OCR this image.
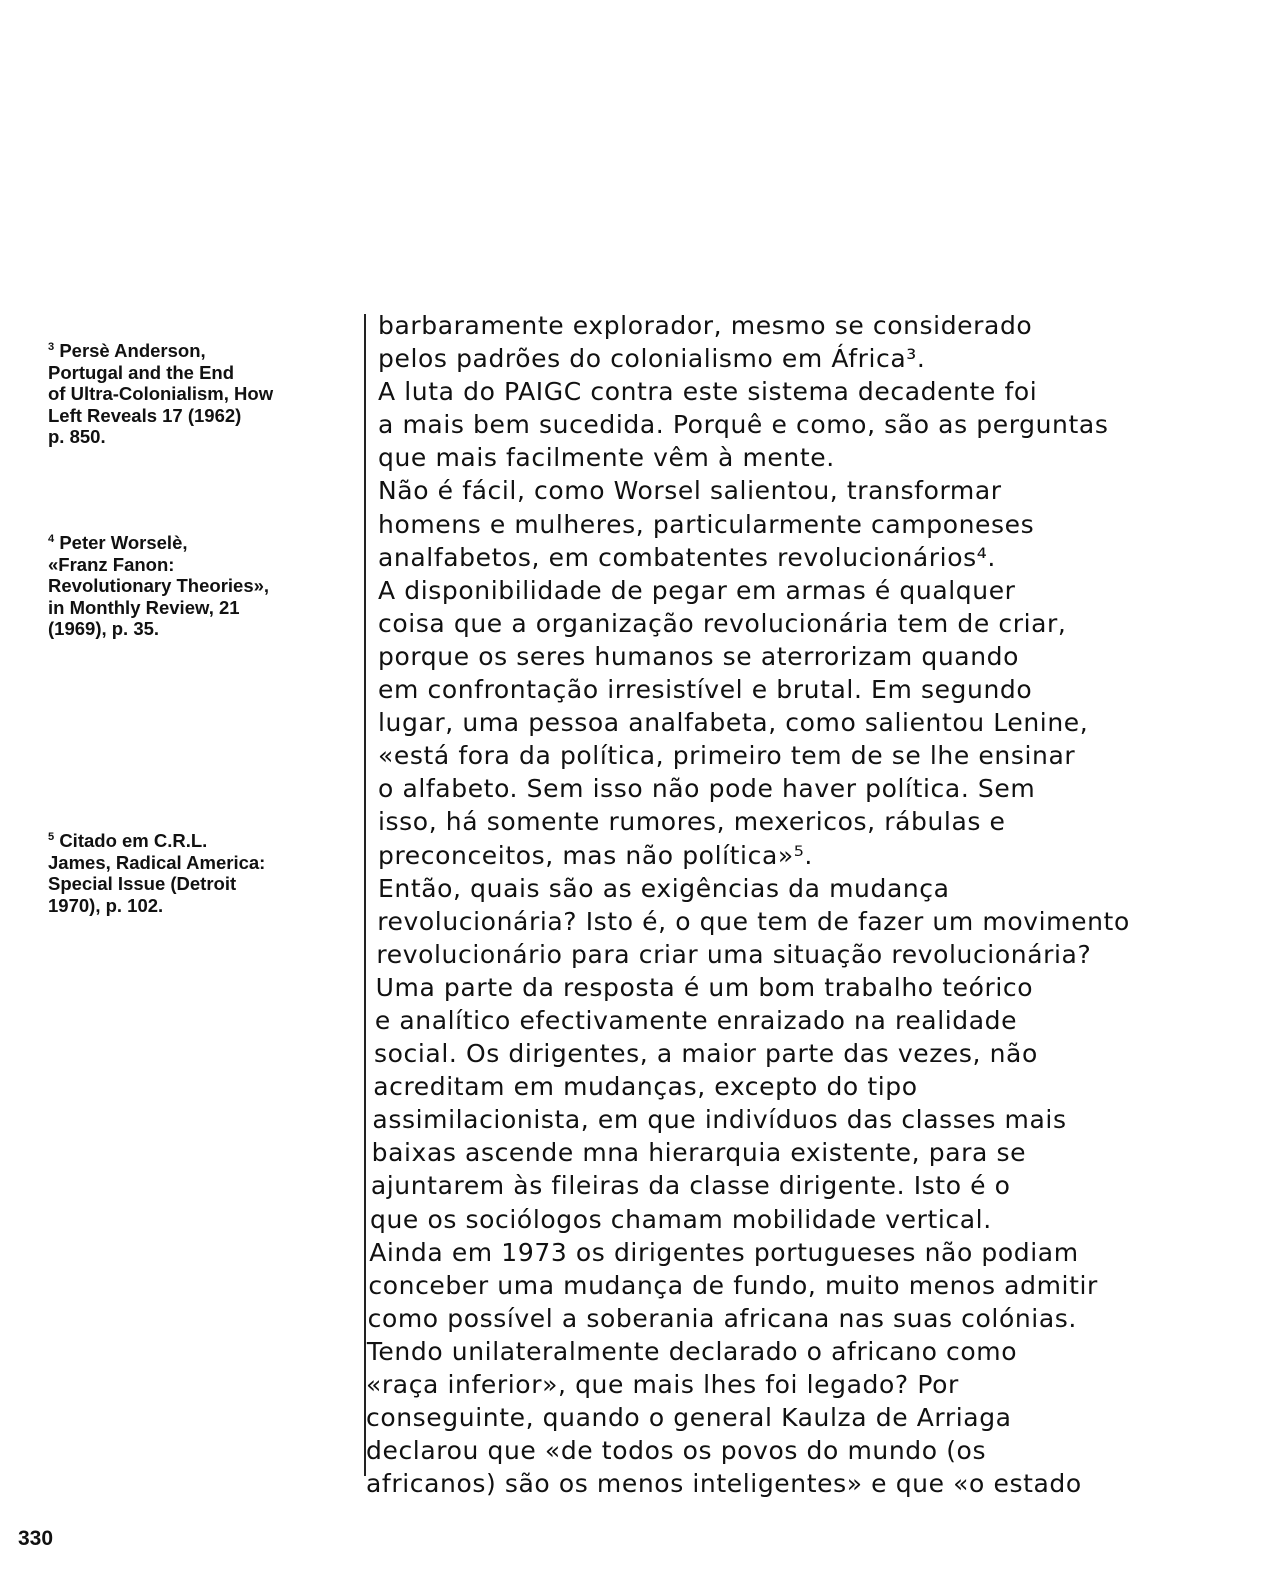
$^3$ Persè Anderson,
Portugal and the End
of Ultra-Colonialism, How
Left Reveals 17 (1962)
p. 850.
$^4$ Peter Worselè,
«Franz Fanon:
Revolutionary Theories»,
in Monthly Review, 21
(1969), p. 35.
$^5$ Citado em C.R.L.
James, Radical America:
Special Issue (Detroit
1970), p. 102.
barbaramente explorador, mesmo se considerado
pelos padrões do colonialismo em África³.
A luta do PAIGC contra este sistema decadente foi
a mais bem sucedida. Porquê e como, são as perguntas
que mais facilmente vêm à mente.
Não é fácil, como Worsel salientou, transformar
homens e mulheres, particularmente camponeses
analfabetos, em combatentes revolucionários⁴.
A disponibilidade de pegar em armas é qualquer
coisa que a organização revolucionária tem de criar,
porque os seres humanos se aterrorizam quando
em confrontação irresistível e brutal. Em segundo
lugar, uma pessoa analfabeta, como salientou Lenine,
«está fora da política, primeiro tem de se lhe ensinar
o alfabeto. Sem isso não pode haver política. Sem
isso, há somente rumores, mexericos, rábulas e
preconceitos, mas não política»⁵.
Então, quais são as exigências da mudança
revolucionária? Isto é, o que tem de fazer um movimento
revolucionário para criar uma situação revolucionária?
Uma parte da resposta é um bom trabalho teórico
e analítico efectivamente enraizado na realidade
social. Os dirigentes, a maior parte das vezes, não
acreditam em mudanças, excepto do tipo
assimilacionista, em que indivíduos das classes mais
baixas ascende mna hierarquia existente, para se
ajuntarem às fileiras da classe dirigente. Isto é o
que os sociólogos chamam mobilidade vertical.
Ainda em 1973 os dirigentes portugueses não podiam
conceber uma mudança de fundo, muito menos admitir
como possível a soberania africana nas suas colónias.
Tendo unilateralmente declarado o africano como
«raça inferior», que mais lhes foi legado? Por
conseguinte, quando o general Kaulza de Arriaga
declarou que «de todos os povos do mundo (os
africanos) são os menos inteligentes» e que «o estado
330
